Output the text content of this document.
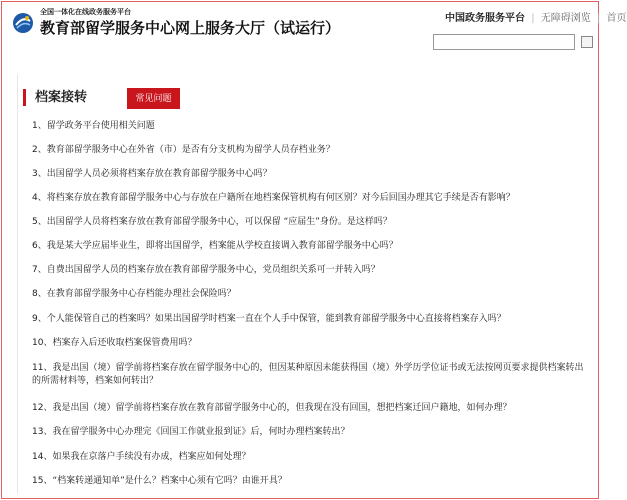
全国一体化在线政务服务平台
教育部留学服务中心网上服务大厅（试运行）
中国政务服务平台 | 无障碍浏览 | 首页
档案接转	常见问题
1、留学政务平台使用相关问题
2、教育部留学服务中心在外省（市）是否有分支机构为留学人员存档业务？
3、出国留学人员必须将档案存放在教育部留学服务中心吗？
4、将档案存放在教育部留学服务中心与存放在户籍所在地档案保管机构有何区别？对今后回国办理其它手续是否有影响？
5、出国留学人员将档案存放在教育部留学服务中心，可以保留 “应届生”身份。是这样吗？
6、我是某大学应届毕业生，即将出国留学，档案能从学校直接调入教育部留学服务中心吗？
7、自费出国留学人员的档案存放在教育部留学服务中心，党员组织关系可一并转入吗？
8、在教育部留学服务中心存档能办理社会保险吗？
9、个人能保管自己的档案吗？如果出国留学时档案一直在个人手中保管，能到教育部留学服务中心直接将档案存入吗？
10、档案存入后还收取档案保管费用吗？
11、我是出国（境）留学前将档案存放在留学服务中心的，但因某种原因未能获得国（境）外学历学位证书或无法按网页要求提供档案转出的所需材料等，档案如何转出？
12、我是出国（境）留学前将档案存放在教育部留学服务中心的，但我现在没有回国，想把档案迁回户籍地，如何办理？
13、我在留学服务中心办理完《回国工作就业报到证》后，何时办理档案转出？
14、如果我在京落户手续没有办成，档案应如何处理？
15、“档案转递通知单”是什么？档案中心须有它吗？由谁开具？
